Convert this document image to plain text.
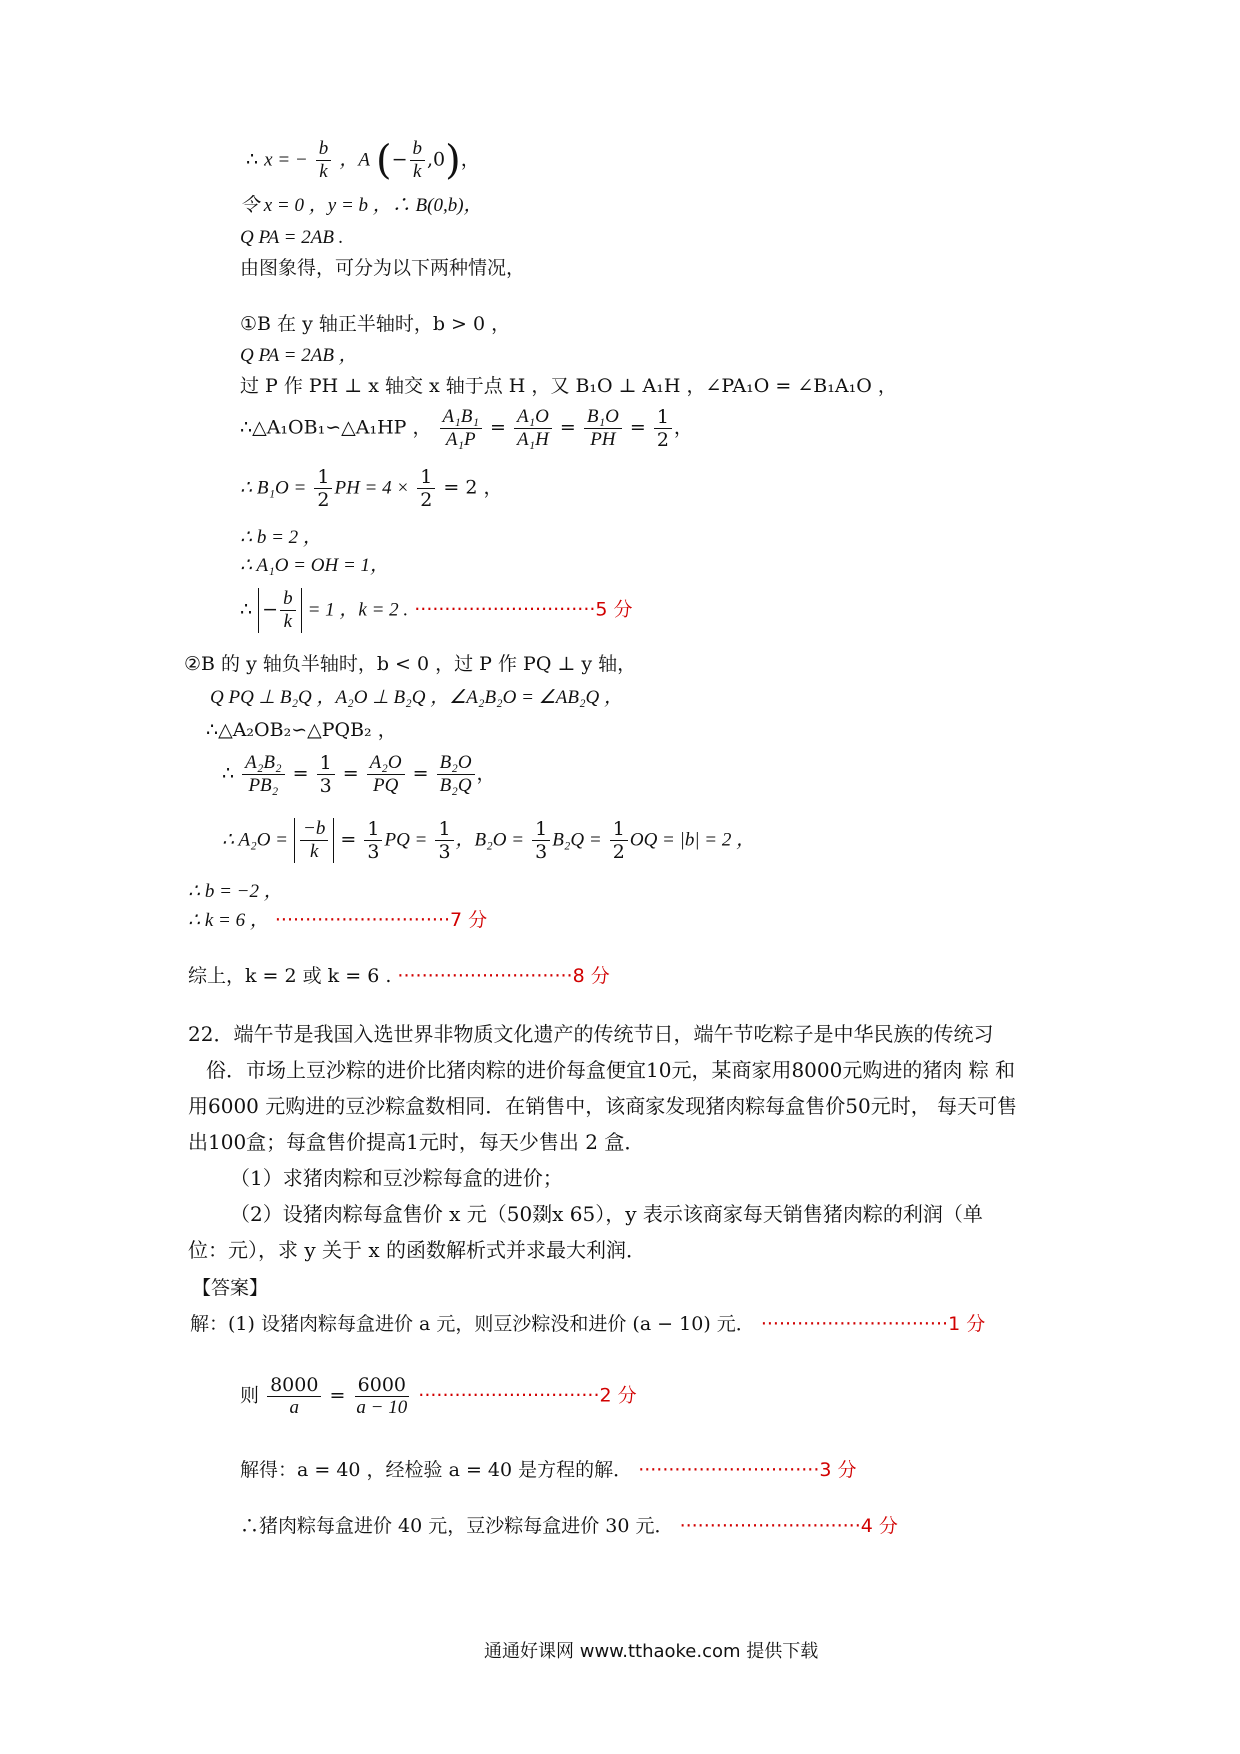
∴ x = − $\frac{b}{k}$ ，A (− $\frac{b}{k} ,0$)，
令 x = 0 ，y = b ，∴ B(0,b)，
Q PA = 2AB .
由图象得，可分为以下两种情况，
①B 在 y 轴正半轴时，b > 0 ，
Q PA = 2AB ，
过 P 作 PH ⊥ x 轴交 x 轴于点 H ，又 B₁O ⊥ A₁H ，∠PA₁O = ∠B₁A₁O ，
∴△A₁OB₁∽△A₁HP ， $\frac{\text{A₁B₁}}{\text{A₁P}} = \frac{\text{A₁O}}{\text{A₁H}} = \frac{\text{B₁O}}{PH} = \frac{1}{2}$ ，
∴ $B_1O = \frac{1}{2}$ PH = $4 \times \frac{1}{2} = 2$ ，
∴ b = 2 ，
∴ A₁O = OH = 1，
∴ − $\frac{b}{k} = 1$ ，k = 2 . ······························5 分
②B 的 y 轴负半轴时，b < 0 ，过 P 作 PQ ⊥ y 轴，
Q PQ ⊥ B₂Q ，A₂O ⊥ B₂Q ，∠A₂B₂O = ∠AB₂Q ，
∴△A₂OB₂∽△PQB₂ ，
∴ $\frac{\text{A₂B₂}}{\text{PB₂}} = \frac{1}{3} = \frac{\text{A₂O}}{PQ} = \frac{\text{B₂O}}{\text{B₂Q}}$ ，
∴ $A_2O = \frac{-b}{k} = \frac{1}{3}$ PQ = $\frac{1}{3}$ ，$B_2O = \frac{1}{3} B_2Q = \frac{1}{2}$ OQ = |b| = 2 ，
∴ b = −2 ，
∴ k = 6 ， ·····························7 分
综上，k = 2 或 k = 6 . ·····························8 分
22．端午节是我国入选世界非物质文化遗产的传统节日，端午节吃粽子是中华民族的传统习
俗．市场上豆沙粽的进价比猪肉粽的进价每盒便宜10元，某商家用8000元购进的猪肉 粽 和
用6000 元购进的豆沙粽盒数相同．在销售中，该商家发现猪肉粽每盒售价50元时， 每天可售
出100盒；每盒售价提高1元时，每天少售出 2 盒．
（1）求猪肉粽和豆沙粽每盒的进价；
（2）设猪肉粽每盒售价 x 元（50剟x 65），y 表示该商家每天销售猪肉粽的利润（单
位：元），求 y 关于 x 的函数解析式并求最大利润．
【答案】
解：(1) 设猪肉粽每盒进价 a 元，则豆沙粽没和进价 (a − 10) 元． ·······························1 分
则 $\frac{8000}{a} = \frac{6000}{a - 10} \cdot\cdot\cdot\cdot\cdot\cdot\cdot\cdot\cdot\cdot\cdot\cdot\cdot\cdot\cdot\cdot\cdot\cdot\cdot\cdot\cdot\cdot\cdot\cdot\cdot\cdot\cdot\cdot\cdot\cdot 2$ 分
解得：a = 40 ，经检验 a = 40 是方程的解． ······························3 分
∴猪肉粽每盒进价 40 元，豆沙粽每盒进价 30 元． ······························4 分
通通好课网 www.tthaoke.com 提供下载
